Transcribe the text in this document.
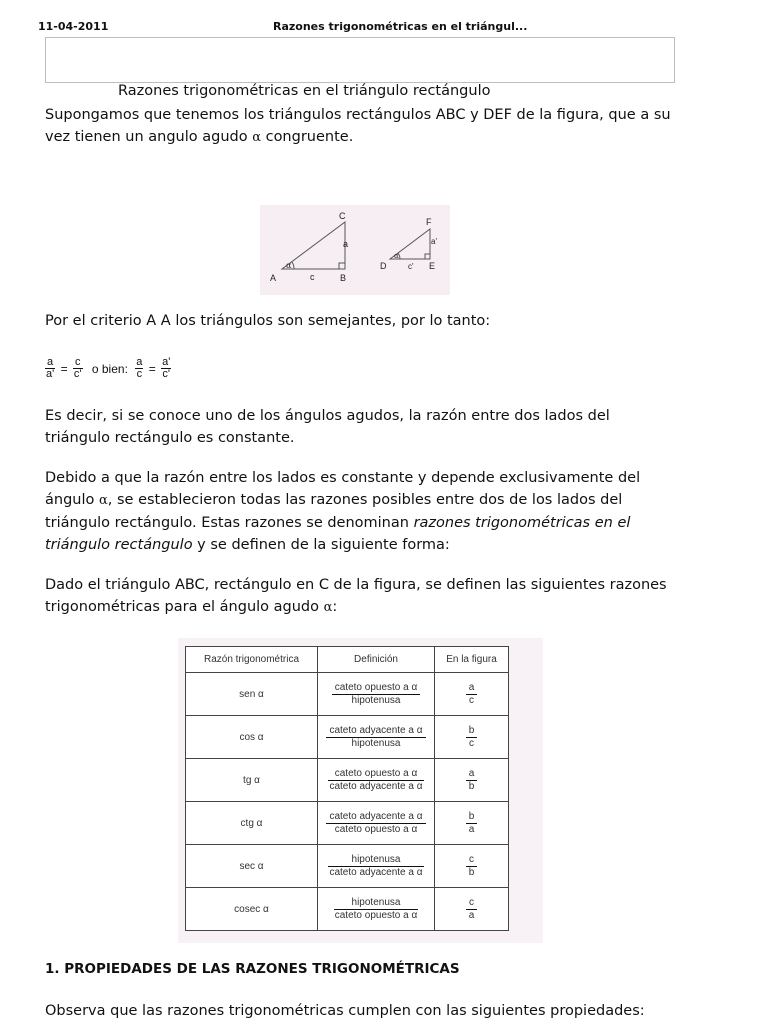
11-04-2011	Razones trigonométricas en el triángul...
Razones trigonométricas en el triángulo rectángulo

Supongamos que tenemos los triángulos rectángulos ABC y DEF de la figura, que a su vez tienen un angulo agudo α congruente.

A	B
C
a
c
α	D	E
F
a'
c'
α

Por el criterio A A los triángulos son semejantes, por lo tanto:

$\frac{a}{a'} = \frac{c}{c'}$ o bien: $\frac{a}{c} = \frac{a'}{c'}$

Es decir, si se conoce uno de los ángulos agudos, la razón entre dos lados del
triángulo rectángulo es constante.

Debido a que la razón entre los lados es constante y depende exclusivamente del
ángulo α, se establecieron todas las razones posibles entre dos de los lados del
triángulo rectángulo. Estas razones se denominan razones trigonométricas en el
triángulo rectángulo y se definen de la siguiente forma:

Dado el triángulo ABC, rectángulo en C de la figura, se definen las siguientes razones
trigonométricas para el ángulo agudo α:

Razón trigonométrica	Definición	En la figura
sen α	$\frac{\text{cateto opuesto a α}}{\text{hipotenusa}}$	$\frac{a}{c}$

cos α	$\frac{\text{cateto adyacente a α}}{\text{hipotenusa}}$	$\frac{b}{c}$

tg α	$\frac{\text{cateto opuesto a α}}{\text{cateto adyacente a α}}$	$\frac{a}{b}$

ctg α	$\frac{\text{cateto adyacente a α}}{\text{cateto opuesto a α}}$	$\frac{b}{a}$

sec α	$\frac{\text{hipotenusa}}{\text{cateto adyacente a α}}$	$\frac{c}{b}$

cosec α	$\frac{\text{hipotenusa}}{\text{cateto opuesto a α}}$	$\frac{c}{a}$
1. PROPIEDADES DE LAS RAZONES TRIGONOMÉTRICAS

Observa que las razones trigonométricas cumplen con las siguientes propiedades:
